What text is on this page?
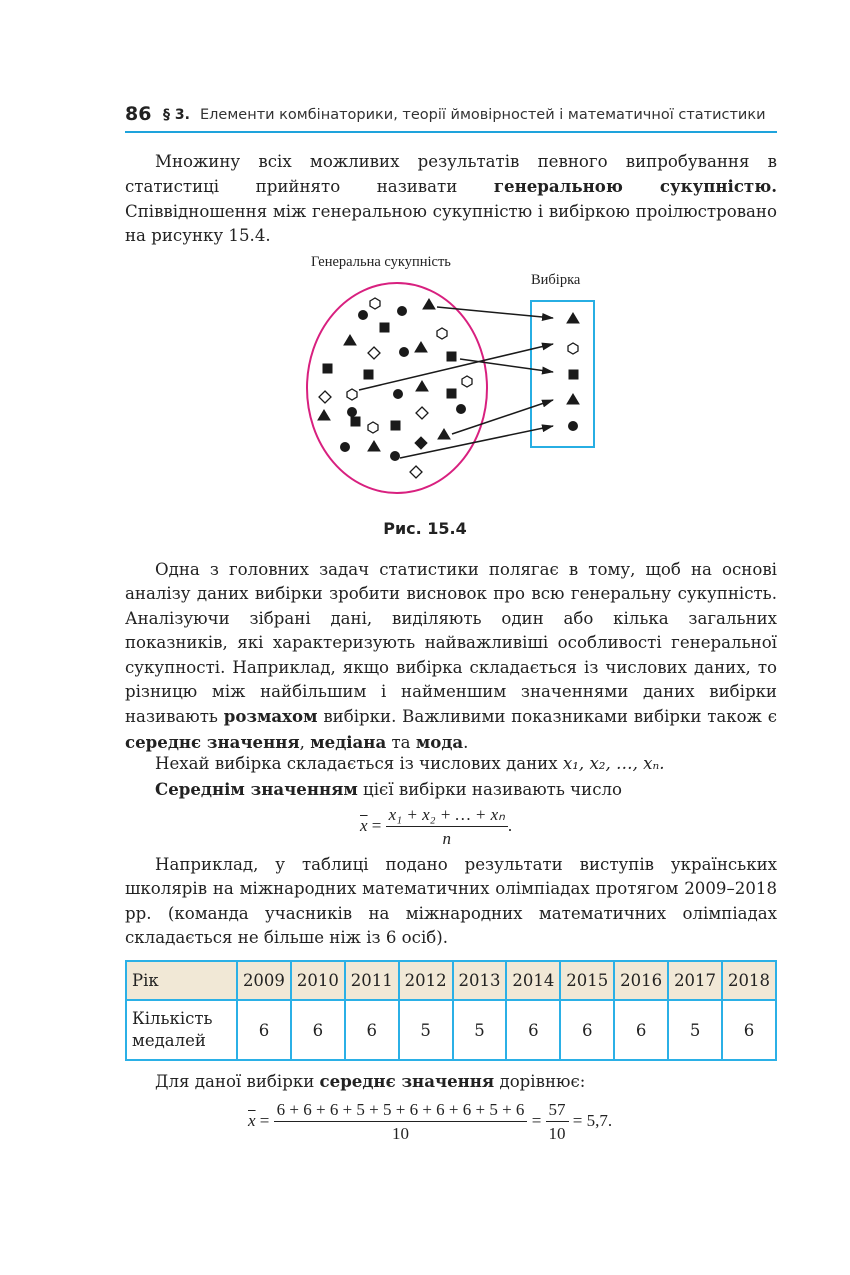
86 § 3. Елементи комбінаторики, теорії ймовірностей і математичної статистики

Множину всіх можливих результатів певного випробування в статистиці прийнято називати генеральною сукупністю. Співвідношення між генеральною сукупністю і вибіркою проілюстровано на рисунку 15.4.

Генеральна сукупність
Вибірка
Рис. 15.4

Одна з головних задач статистики полягає в тому, щоб на основі аналізу даних вибірки зробити висновок про всю генеральну сукупність. Аналізуючи зібрані дані, виділяють один або кілька загальних показників, які характеризують найважливіші особливості генеральної сукупності. Наприклад, якщо вибірка складається із числових даних, то різницю між найбільшим і найменшим значеннями даних вибірки називають розмахом вибірки. Важливими показниками вибірки також є середнє значення, медіана та мода.

Нехай вибірка складається із числових даних x₁, x₂, …, xₙ.

Середнім значенням цієї вибірки називають число

$\overline{x} = \frac{\text{x₁ + x₂ + … + xₙ}}{n}$ .

Наприклад, у таблиці подано результати виступів українських школярів на міжнародних математичних олімпіадах протягом 2009–2018 рр. (команда учасників на міжнародних математичних олімпіадах складається не більше ніж із 6 осіб).

Рік	2009	2010	2011	2012	2013	2014	2015	2016	2017	2018
Кількість медалей	6	6	6	5	5	6	6	6	5	6

Для даної вибірки середнє значення дорівнює:

$\overline{x} = \frac{6 + 6 + 6 + 5 + 5 + 6 + 6 + 6 + 5 + 6}{10} = \frac{57}{10} = 5,7$.
